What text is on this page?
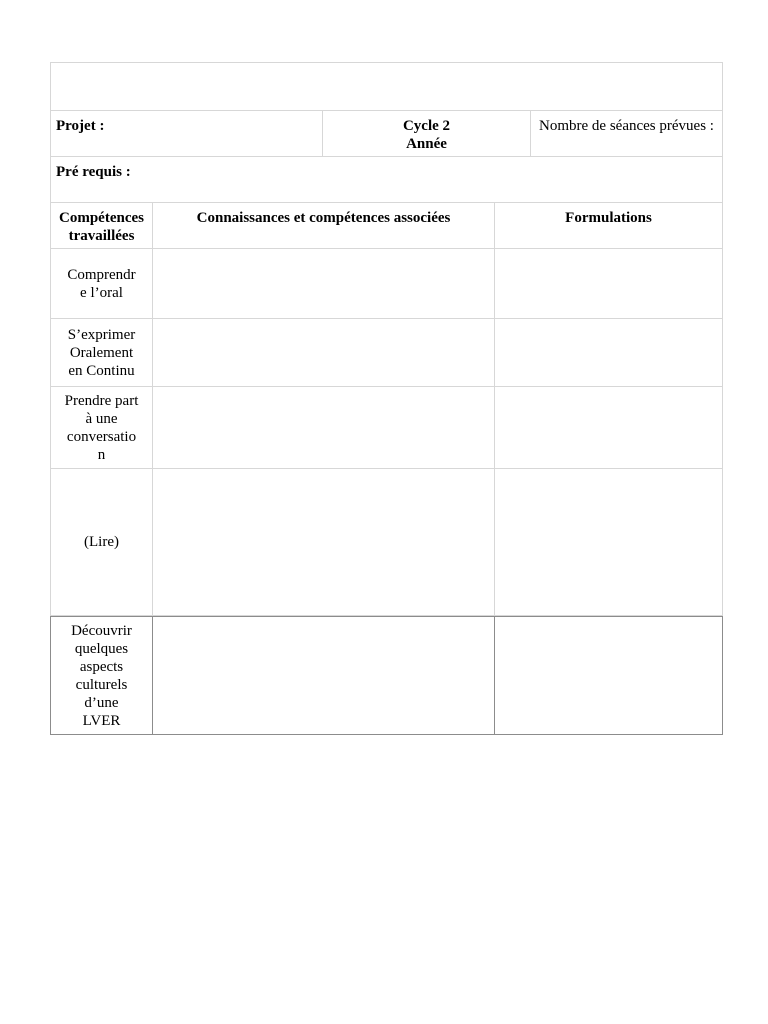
Projet :	Cycle 2
Année
Nombre de séances prévues :
Pré requis :
Compétences travaillées
Connaissances et compétences associées	Formulations
Comprendr
e l’oral
S’exprimer
Oralement
en Continu
Prendre part
à une
conversatio
n
(Lire)
Découvrir
quelques
aspects
culturels
d’une
LVER
